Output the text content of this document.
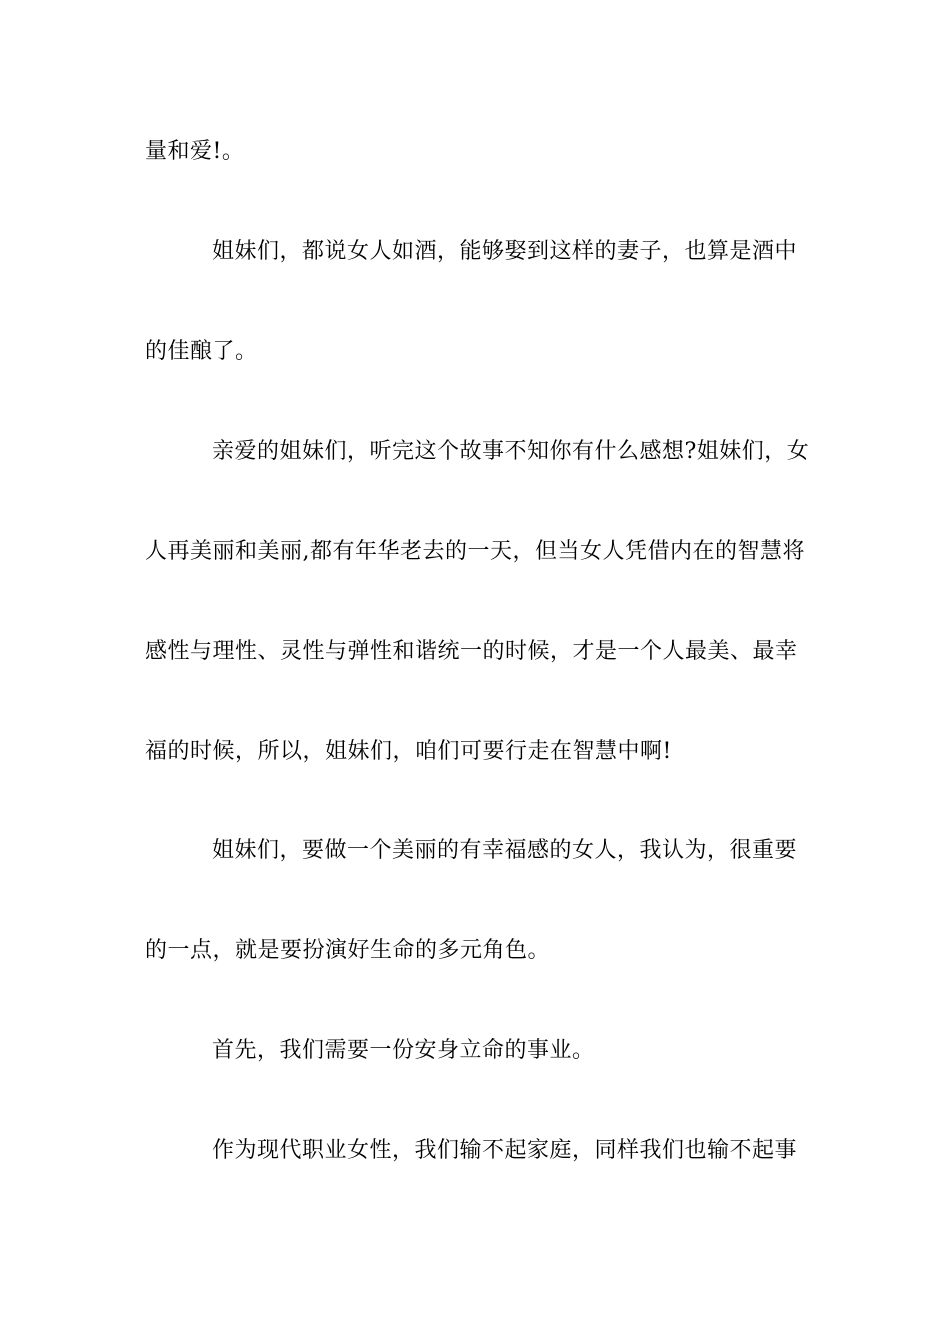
量和爱!。
姐妹们，都说女人如酒，能够娶到这样的妻子，也算是酒中
的佳酿了。
亲爱的姐妹们，听完这个故事不知你有什么感想?姐妹们，女
人再美丽和美丽,都有年华老去的一天，但当女人凭借内在的智慧将
感性与理性、灵性与弹性和谐统一的时候，才是一个人最美、最幸
福的时候，所以，姐妹们，咱们可要行走在智慧中啊!
姐妹们，要做一个美丽的有幸福感的女人，我认为，很重要
的一点，就是要扮演好生命的多元角色。
首先，我们需要一份安身立命的事业。
作为现代职业女性，我们输不起家庭，同样我们也输不起事
